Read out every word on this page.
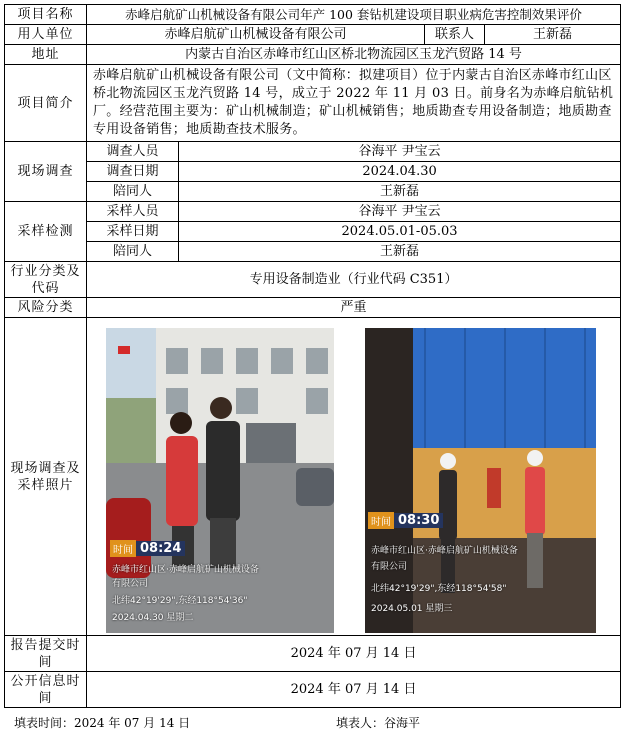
项目名称	赤峰启航矿山机械设备有限公司年产 100 套钻机建设项目职业病危害控制效果评价			
用人单位	赤峰启航矿山机械设备有限公司		联系人	王新磊
地址	内蒙古自治区赤峰市红山区桥北物流园区玉龙汽贸路 14 号			
项目简介	赤峰启航矿山机械设备有限公司（文中简称：拟建项目）位于内蒙古自治区赤峰市红山区桥北物流园区玉龙汽贸路 14 号，成立于 2022 年 11 月 03 日。前身名为赤峰启航钻机厂。经营范围主要为：矿山机械制造；矿山机械销售；地质勘查专用设备制造；地质勘查专用设备销售；地质勘查技术服务。			
现场调查	调查人员	谷海平 尹宝云		
	调查日期	2024.04.30		
	陪同人	王新磊		
采样检测	采样人员	谷海平 尹宝云		
	采样日期	2024.05.01-05.03		
	陪同人	王新磊		
行业分类及代码	专用设备制造业（行业代码 C351）			
风险分类	严重			
现场调查及采样照片				
报告提交时间	2024 年 07 月 14 日			
公开信息时间	2024 年 07 月 14 日			
时间 08:24
赤峰市红山区·赤峰启航矿山机械设备
有限公司
北纬42°19'29",东经118°54'36"
2024.04.30 星期二
时间 08:30
赤峰市红山区·赤峰启航矿山机械设备
有限公司
北纬42°19'29",东经118°54'58"
2024.05.01 星期三
填表时间：2024 年 07 月 14 日	填表人：谷海平
